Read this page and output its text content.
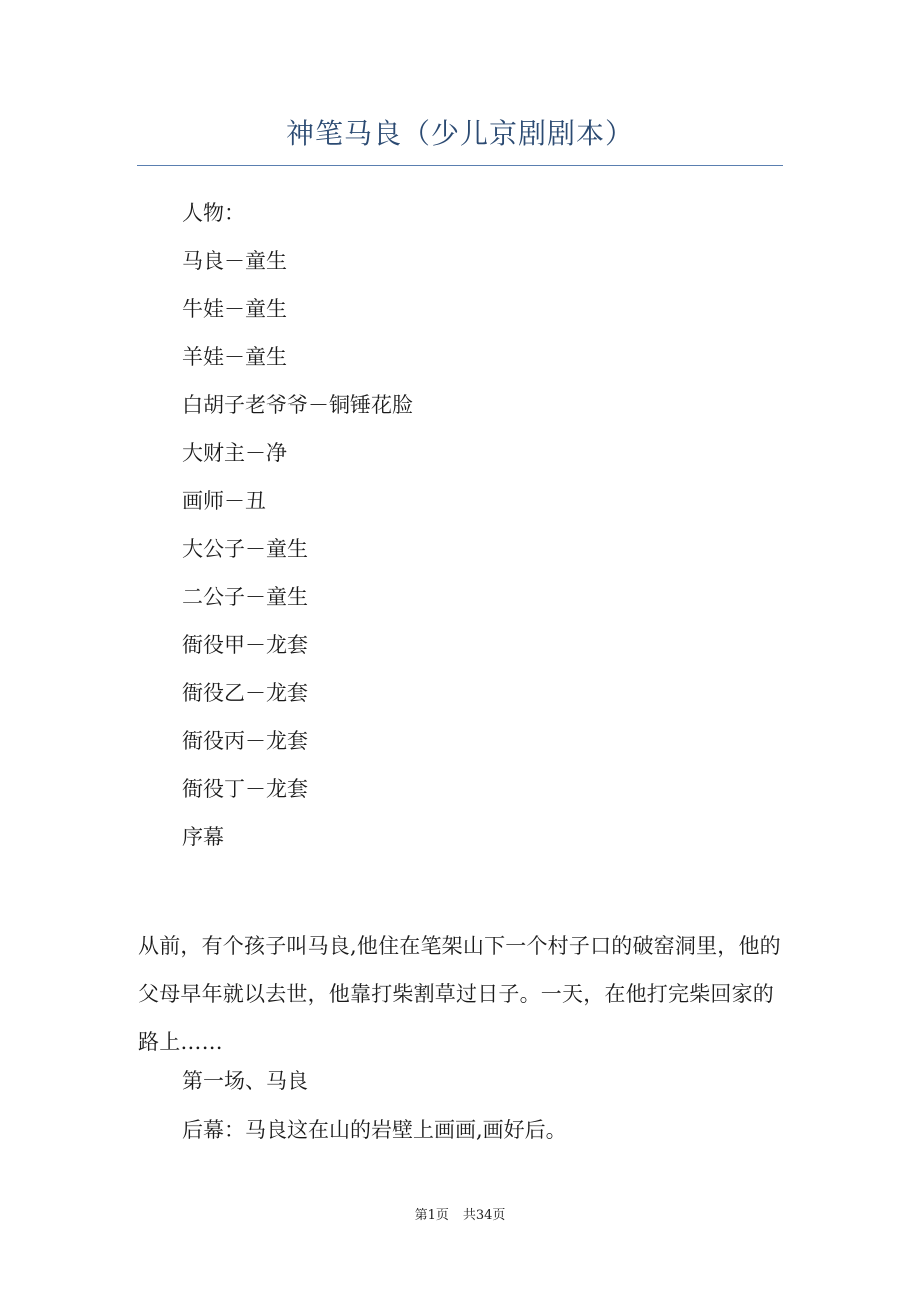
神笔马良（少儿京剧剧本）

人物：

马良－童生
牛娃－童生
羊娃－童生
白胡子老爷爷－铜锤花脸
大财主－净
画师－丑
大公子－童生
二公子－童生
衙役甲－龙套
衙役乙－龙套
衙役丙－龙套
衙役丁－龙套
序幕

从前，有个孩子叫马良,他住在笔架山下一个村子口的破窑洞里，他的父母早年就以去世，他靠打柴割草过日子。一天，在他打完柴回家的路上……

第一场、马良

后幕：马良这在山的岩壁上画画,画好后。

第1页 共34页
